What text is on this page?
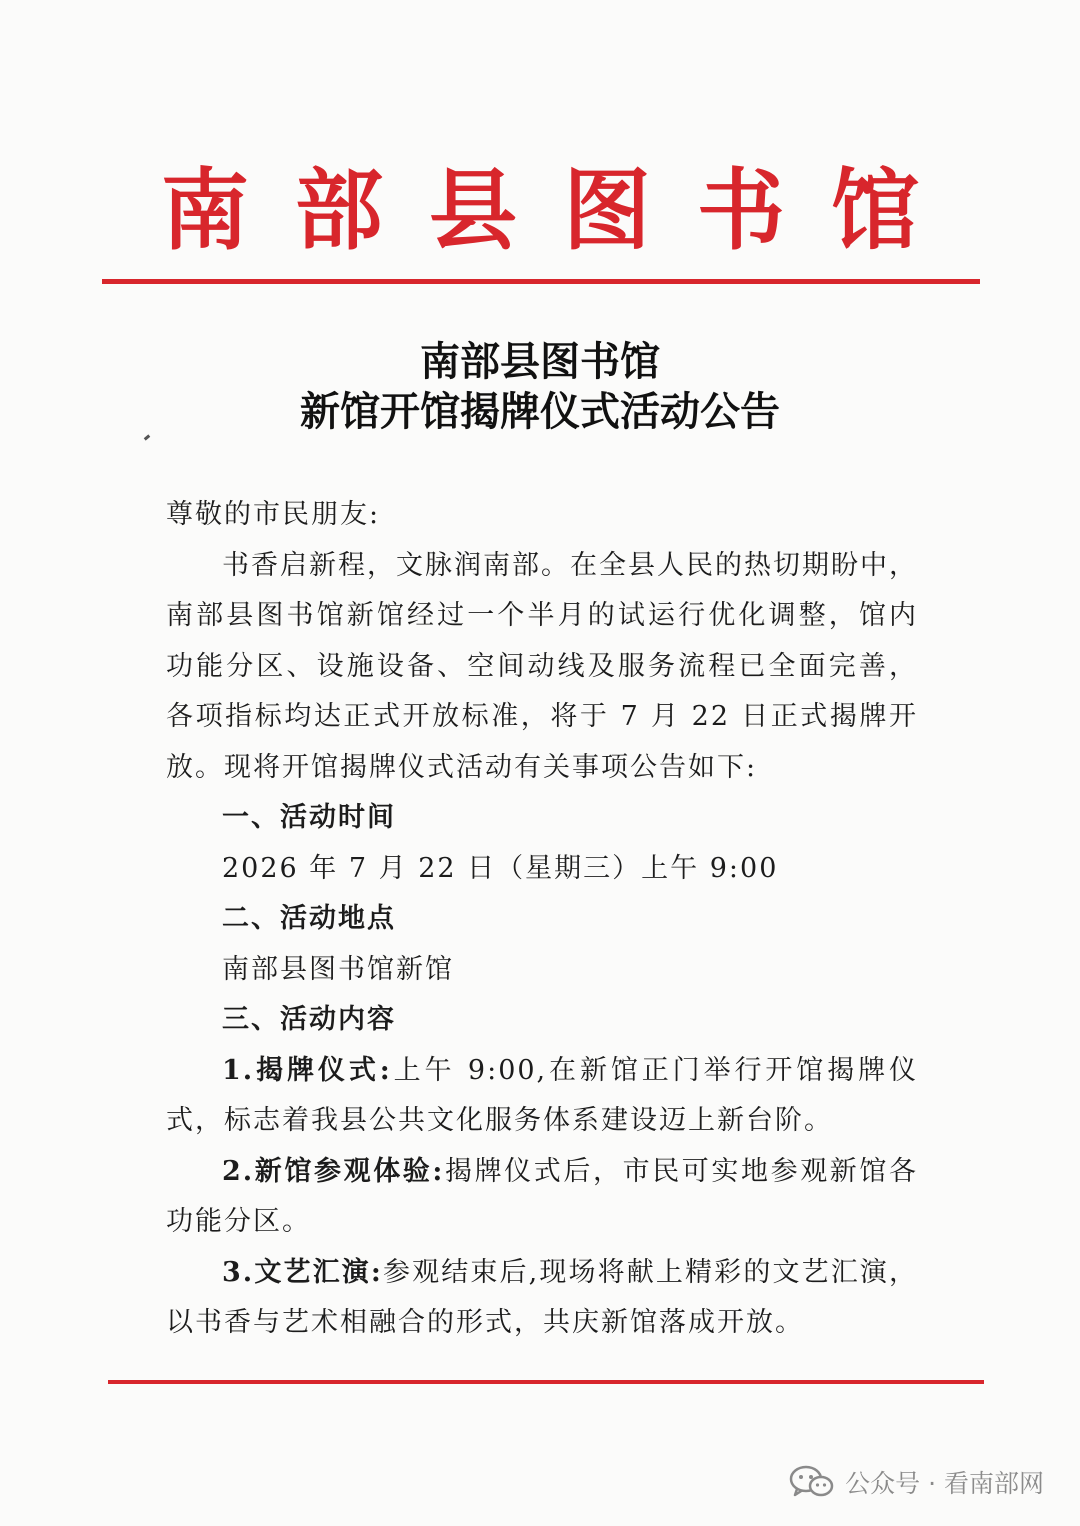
南部县图书馆
南部县图书馆
新馆开馆揭牌仪式活动公告

尊敬的市民朋友:

书香启新程，文脉润南部。在全县人民的热切期盼中，南部县图书馆新馆经过一个半月的试运行优化调整，馆内功能分区、设施设备、空间动线及服务流程已全面完善，各项指标均达正式开放标准，将于 7 月 22 日正式揭牌开放。现将开馆揭牌仪式活动有关事项公告如下:

一、活动时间

2026 年 7 月 22 日（星期三）上午 9:00

二、活动地点

南部县图书馆新馆

三、活动内容

1.揭牌仪式:上午 9:00,在新馆正门举行开馆揭牌仪式，标志着我县公共文化服务体系建设迈上新台阶。

2.新馆参观体验:揭牌仪式后，市民可实地参观新馆各功能分区。

3.文艺汇演:参观结束后,现场将献上精彩的文艺汇演，以书香与艺术相融合的形式，共庆新馆落成开放。

公众号 · 看南部网
